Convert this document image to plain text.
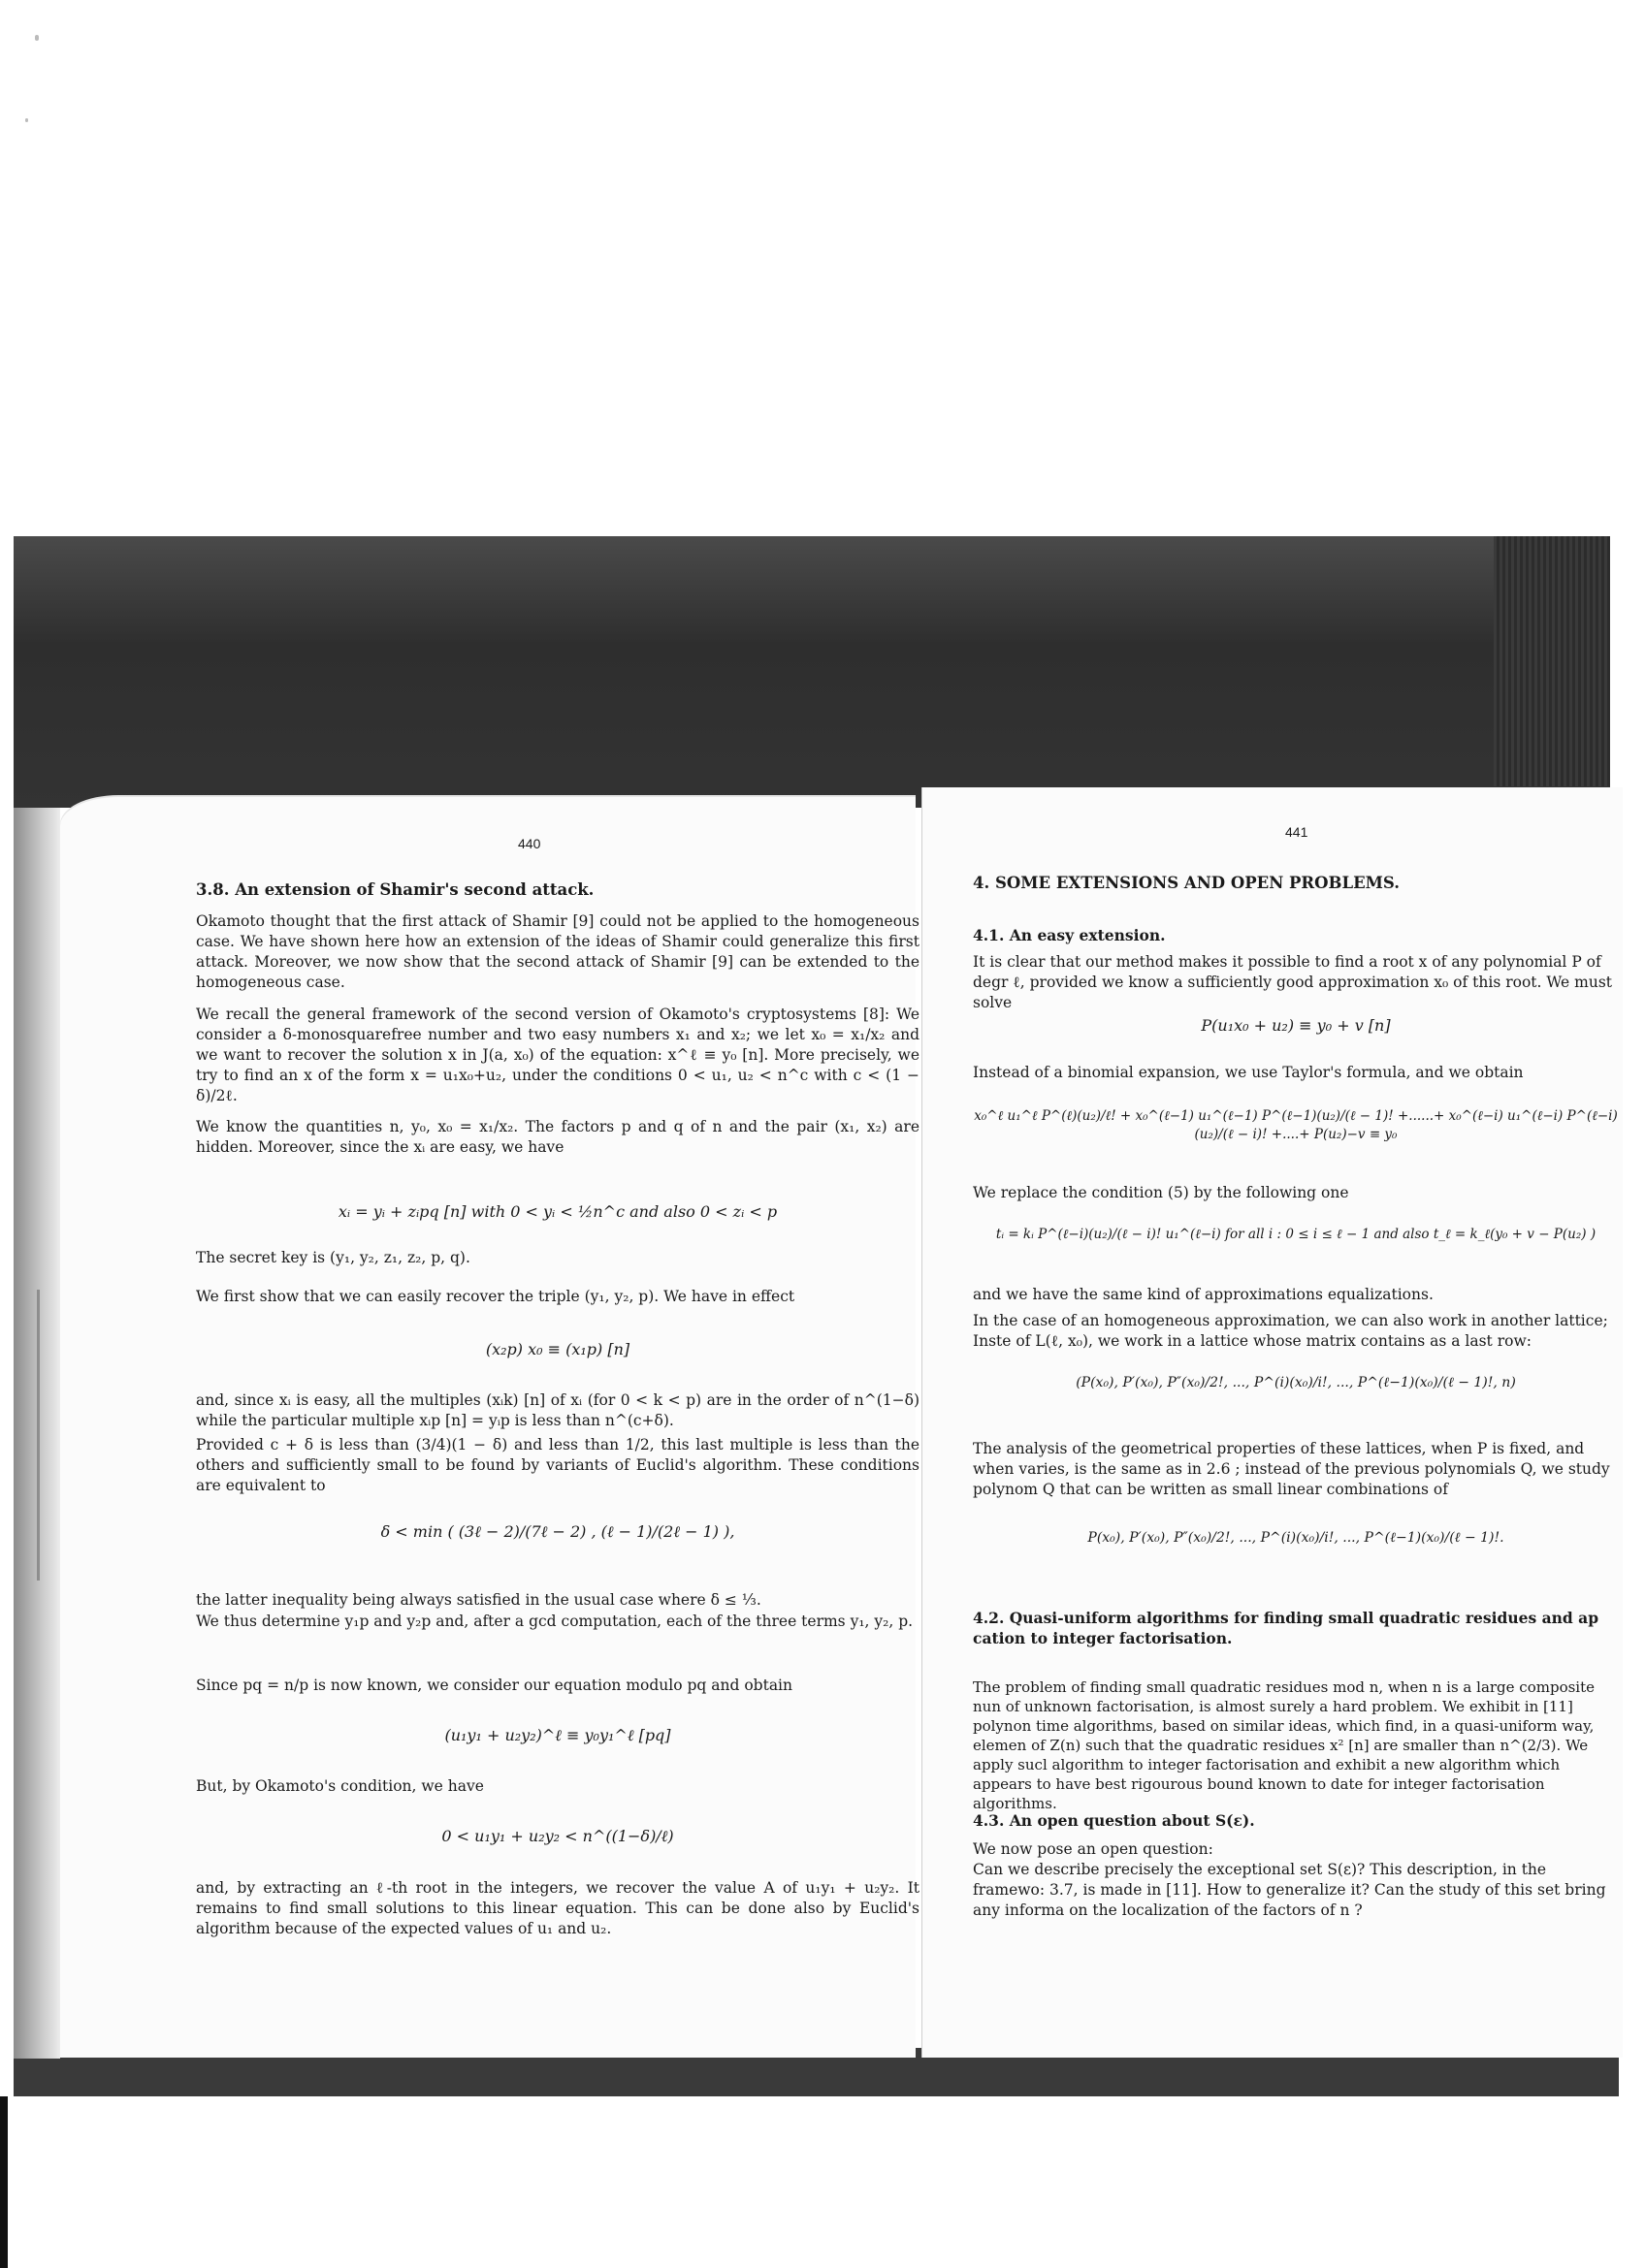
440
3.8. An extension of Shamir's second attack.
Okamoto thought that the first attack of Shamir [9] could not be applied to the homogeneous case. We have shown here how an extension of the ideas of Shamir could generalize this first attack. Moreover, we now show that the second attack of Shamir [9] can be extended to the homogeneous case.
We recall the general framework of the second version of Okamoto's cryptosystems [8]: We consider a δ-monosquarefree number and two easy numbers x₁ and x₂; we let x₀ = x₁/x₂ and we want to recover the solution x in J(a, x₀) of the equation: x^ℓ ≡ y₀ [n]. More precisely, we try to find an x of the form x = u₁x₀+u₂, under the conditions 0 < u₁, u₂ < n^c with c < (1 − δ)/2ℓ.
We know the quantities n, y₀, x₀ = x₁/x₂. The factors p and q of n and the pair (x₁, x₂) are hidden. Moreover, since the xᵢ are easy, we have
xᵢ = yᵢ + zᵢpq [n] with 0 < yᵢ < ½n^c and also 0 < zᵢ < p
The secret key is (y₁, y₂, z₁, z₂, p, q).
We first show that we can easily recover the triple (y₁, y₂, p). We have in effect
(x₂p) x₀ ≡ (x₁p) [n]
and, since xᵢ is easy, all the multiples (xᵢk) [n] of xᵢ (for 0 < k < p) are in the order of n^(1−δ) while the particular multiple xᵢp [n] = yᵢp is less than n^(c+δ).
Provided c + δ is less than (3/4)(1 − δ) and less than 1/2, this last multiple is less than the others and sufficiently small to be found by variants of Euclid's algorithm. These conditions are equivalent to
δ < min ( (3ℓ − 2)/(7ℓ − 2) , (ℓ − 1)/(2ℓ − 1) ),
the latter inequality being always satisfied in the usual case where δ ≤ ⅓.
We thus determine y₁p and y₂p and, after a gcd computation, each of the three terms y₁, y₂, p.
Since pq = n/p is now known, we consider our equation modulo pq and obtain
(u₁y₁ + u₂y₂)^ℓ ≡ y₀y₁^ℓ [pq]
But, by Okamoto's condition, we have
0 < u₁y₁ + u₂y₂ < n^((1−δ)/ℓ)
and, by extracting an ℓ-th root in the integers, we recover the value A of u₁y₁ + u₂y₂. It remains to find small solutions to this linear equation. This can be done also by Euclid's algorithm because of the expected values of u₁ and u₂.
441
4. SOME EXTENSIONS AND OPEN PROBLEMS.
4.1. An easy extension.
It is clear that our method makes it possible to find a root x of any polynomial P of degr ℓ, provided we know a sufficiently good approximation x₀ of this root. We must solve
P(u₁x₀ + u₂) ≡ y₀ + v [n]
Instead of a binomial expansion, we use Taylor's formula, and we obtain
x₀^ℓ u₁^ℓ P^(ℓ)(u₂)/ℓ! + x₀^(ℓ−1) u₁^(ℓ−1) P^(ℓ−1)(u₂)/(ℓ − 1)! +......+ x₀^(ℓ−i) u₁^(ℓ−i) P^(ℓ−i)(u₂)/(ℓ − i)! +....+ P(u₂)−v ≡ y₀
We replace the condition (5) by the following one
tᵢ = kᵢ P^(ℓ−i)(u₂)/(ℓ − i)! u₁^(ℓ−i) for all i : 0 ≤ i ≤ ℓ − 1 and also t_ℓ = k_ℓ(y₀ + v − P(u₂) )
and we have the same kind of approximations equalizations.
In the case of an homogeneous approximation, we can also work in another lattice; Inste of L(ℓ, x₀), we work in a lattice whose matrix contains as a last row:
(P(x₀), P′(x₀), P″(x₀)/2!, ..., P^(i)(x₀)/i!, ..., P^(ℓ−1)(x₀)/(ℓ − 1)!, n)
The analysis of the geometrical properties of these lattices, when P is fixed, and when varies, is the same as in 2.6 ; instead of the previous polynomials Q, we study polynom Q that can be written as small linear combinations of
P(x₀), P′(x₀), P″(x₀)/2!, ..., P^(i)(x₀)/i!, ..., P^(ℓ−1)(x₀)/(ℓ − 1)!.
4.2. Quasi-uniform algorithms for finding small quadratic residues and ap cation to integer factorisation.
The problem of finding small quadratic residues mod n, when n is a large composite nun of unknown factorisation, is almost surely a hard problem. We exhibit in [11] polynon time algorithms, based on similar ideas, which find, in a quasi-uniform way, elemen of Z(n) such that the quadratic residues x² [n] are smaller than n^(2/3). We apply sucl algorithm to integer factorisation and exhibit a new algorithm which appears to have best rigourous bound known to date for integer factorisation algorithms.
4.3. An open question about S(ε).
We now pose an open question:
Can we describe precisely the exceptional set S(ε)? This description, in the framewo: 3.7, is made in [11]. How to generalize it? Can the study of this set bring any informa on the localization of the factors of n ?
